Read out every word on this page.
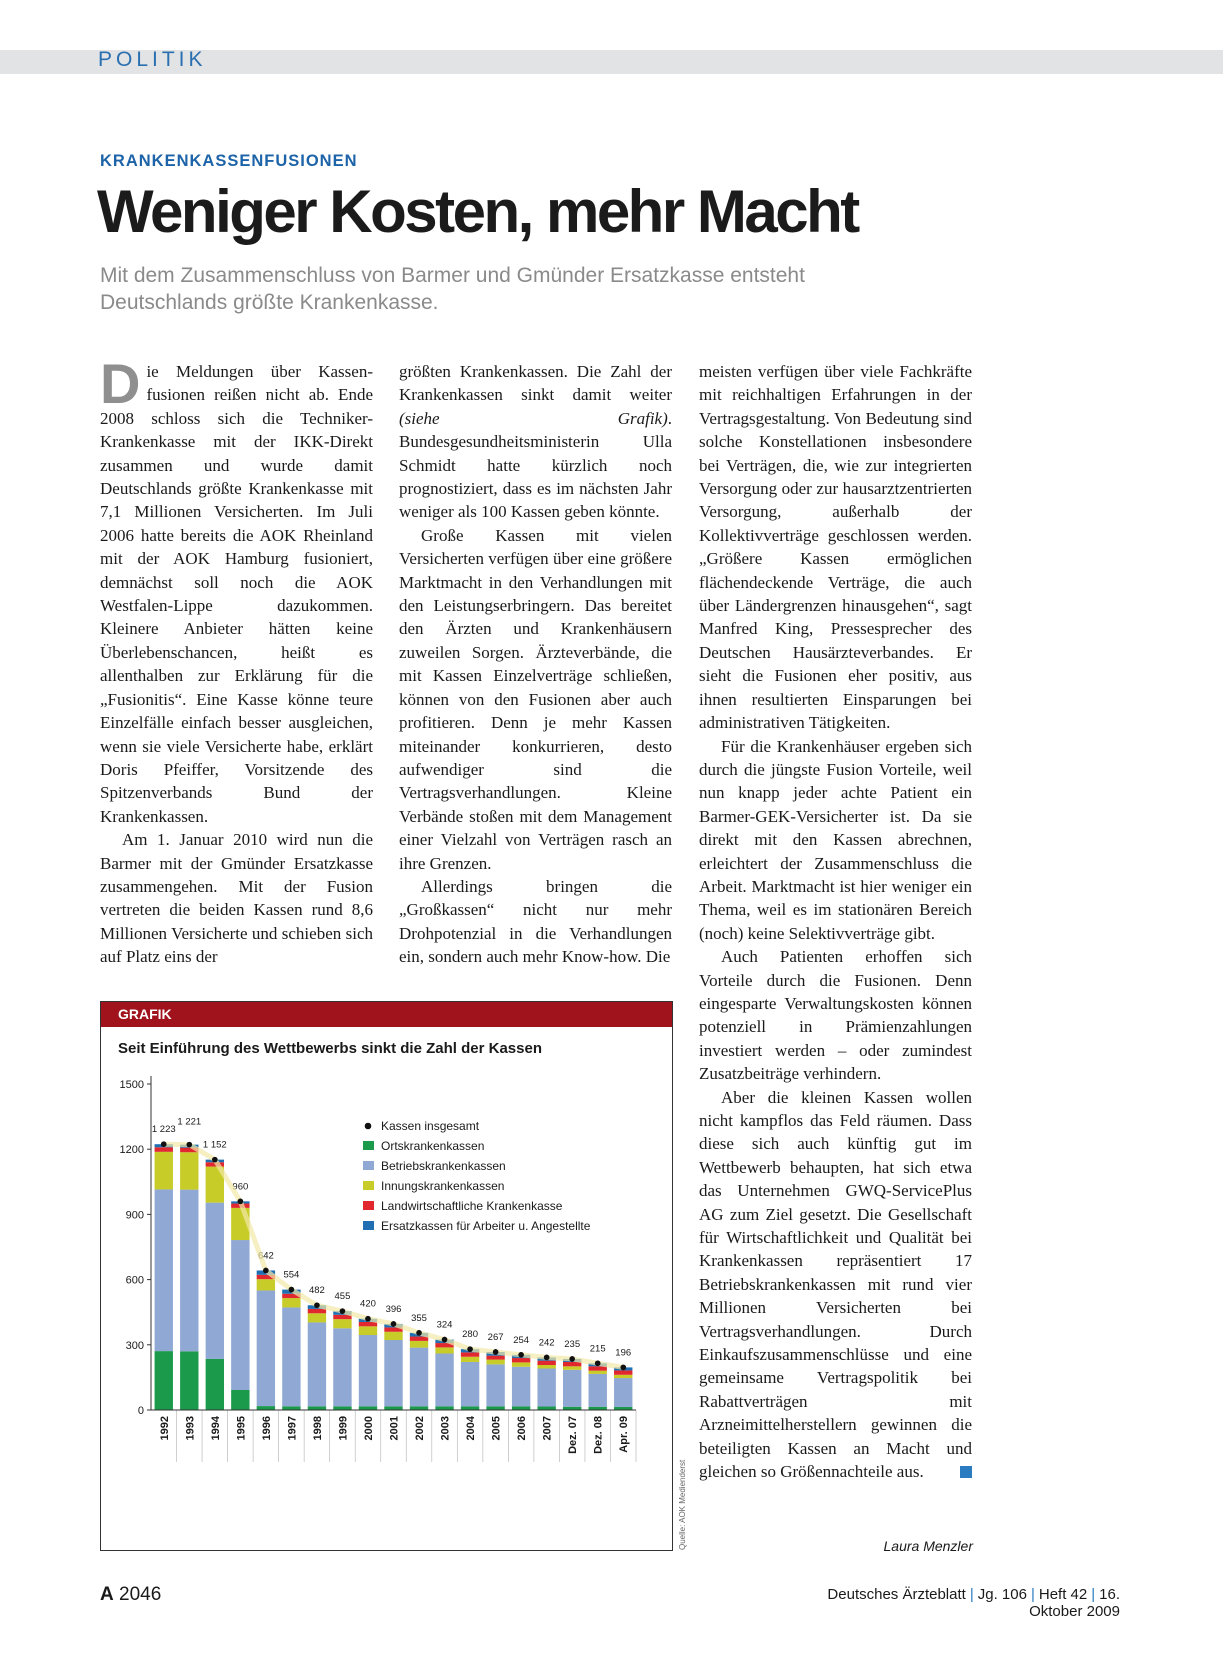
POLITIK
KRANKENKASSENFUSIONEN
Weniger Kosten, mehr Macht
Mit dem Zusammenschluss von Barmer und Gmünder Ersatzkasse entsteht Deutschlands größte Krankenkasse.

Die Meldungen über Kassenfusionen reißen nicht ab. Ende 2008 schloss sich die Techniker-Krankenkasse mit der IKK-Direkt zusammen und wurde damit Deutschlands größte Krankenkasse mit 7,1 Millionen Versicherten. Im Juli 2006 hatte bereits die AOK Rheinland mit der AOK Hamburg fusioniert, demnächst soll noch die AOK Westfalen-Lippe dazukommen. Kleinere Anbieter hätten keine Überlebenschancen, heißt es allenthalben zur Erklärung für die „Fusionitis“. Eine Kasse könne teure Einzelfälle einfach besser ausgleichen, wenn sie viele Versicherte habe, erklärt Doris Pfeiffer, Vorsitzende des Spitzenverbands Bund der Krankenkassen.

Am 1. Januar 2010 wird nun die Barmer mit der Gmünder Ersatzkasse zusammengehen. Mit der Fusion vertreten die beiden Kassen rund 8,6 Millionen Versicherte und schieben sich auf Platz eins der

größten Krankenkassen. Die Zahl der Krankenkassen sinkt damit weiter (siehe Grafik). Bundesgesundheitsministerin Ulla Schmidt hatte kürzlich noch prognostiziert, dass es im nächsten Jahr weniger als 100 Kassen geben könnte.

Große Kassen mit vielen Versicherten verfügen über eine größere Marktmacht in den Verhandlungen mit den Leistungserbringern. Das bereitet den Ärzten und Krankenhäusern zuweilen Sorgen. Ärzteverbände, die mit Kassen Einzelverträge schließen, können von den Fusionen aber auch profitieren. Denn je mehr Kassen miteinander konkurrieren, desto aufwendiger sind die Vertragsverhandlungen. Kleine Verbände stoßen mit dem Management einer Vielzahl von Verträgen rasch an ihre Grenzen.

Allerdings bringen die „Großkassen“ nicht nur mehr Drohpotenzial in die Verhandlungen ein, sondern auch mehr Know-how. Die

meisten verfügen über viele Fachkräfte mit reichhaltigen Erfahrungen in der Vertragsgestaltung. Von Bedeutung sind solche Konstellationen insbesondere bei Verträgen, die, wie zur integrierten Versorgung oder zur hausarztzentrierten Versorgung, außerhalb der Kollektivverträge geschlossen werden. „Größere Kassen ermöglichen flächendeckende Verträge, die auch über Ländergrenzen hinausgehen“, sagt Manfred King, Pressesprecher des Deutschen Hausärzteverbandes. Er sieht die Fusionen eher positiv, aus ihnen resultierten Einsparungen bei administrativen Tätigkeiten.

Für die Krankenhäuser ergeben sich durch die jüngste Fusion Vorteile, weil nun knapp jeder achte Patient ein Barmer-GEK-Versicherter ist. Da sie direkt mit den Kassen abrechnen, erleichtert der Zusammenschluss die Arbeit. Marktmacht ist hier weniger ein Thema, weil es im stationären Bereich (noch) keine Selektivverträge gibt.

Auch Patienten erhoffen sich Vorteile durch die Fusionen. Denn eingesparte Verwaltungskosten können potenziell in Prämienzahlungen investiert werden – oder zumindest Zusatzbeiträge verhindern.

Aber die kleinen Kassen wollen nicht kampflos das Feld räumen. Dass diese sich auch künftig gut im Wettbewerb behaupten, hat sich etwa das Unternehmen GWQ-ServicePlus AG zum Ziel gesetzt. Die Gesellschaft für Wirtschaftlichkeit und Qualität bei Krankenkassen repräsentiert 17 Betriebskrankenkassen mit rund vier Millionen Versicherten bei Vertragsverhandlungen. Durch Einkaufszusammenschlüsse und eine gemeinsame Vertragspolitik bei Rabattverträgen mit Arzneimittelherstellern gewinnen die beteiligten Kassen an Macht und gleichen so Größennachteile aus.

Laura Menzler
GRAFIK
Seit Einführung des Wettbewerbs sinkt die Zahl der Kassen
0
300
600
900
1200
1500
1 223
1992
1 221
1993
1 152
1994
960
1995
642
1996
554
1997
482
1998
455
1999
420
2000
396
2001
355
2002
324
2003
280
2004
267
2005
254
2006
242
2007
235
Dez. 07
215
Dez. 08
196
Apr. 09
Kassen insgesamt
Ortskrankenkassen
Betriebskrankenkassen
Innungskrankenkassen
Landwirtschaftliche Krankenkasse
Ersatzkassen für Arbeiter u. Angestellte
Quelle: AOK Medienderst
A 2046	Deutsches Ärzteblatt | Jg. 106 | Heft 42 | 16. Oktober 2009
